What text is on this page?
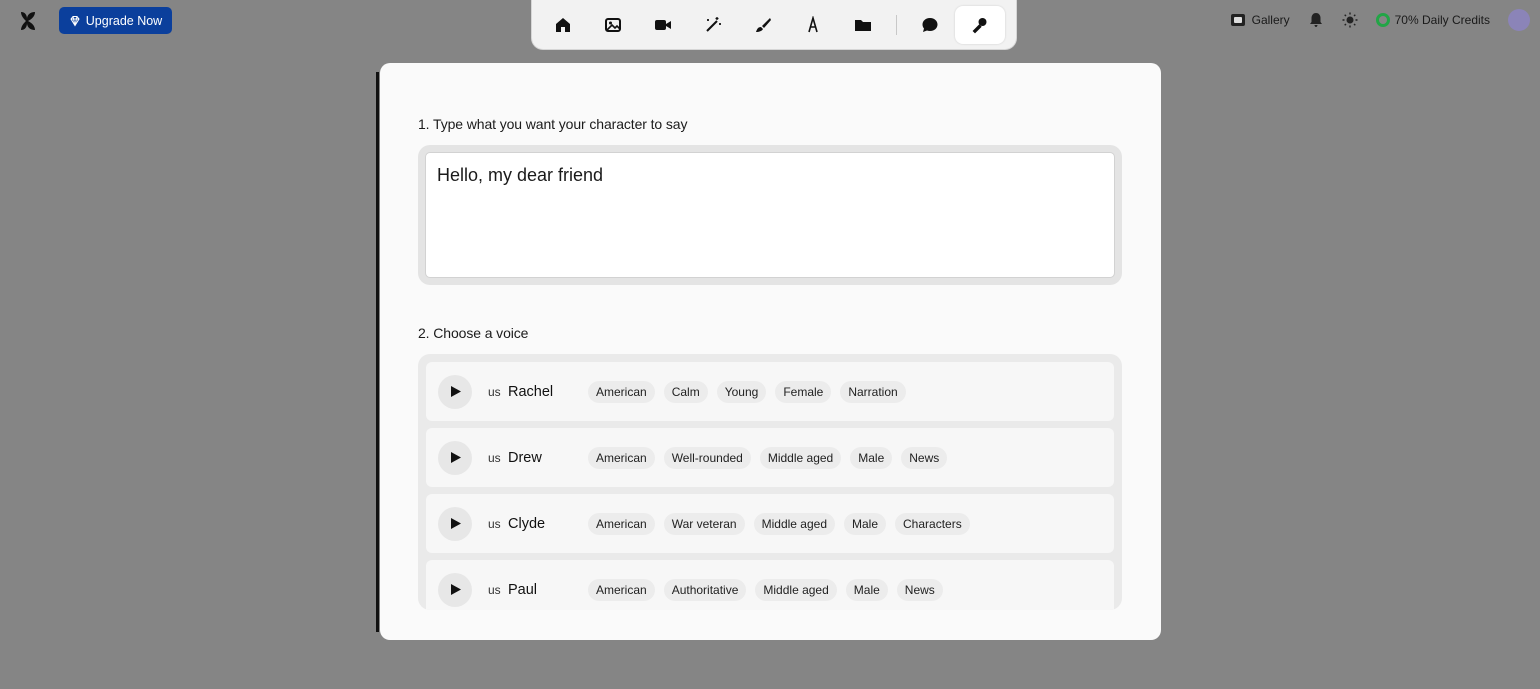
Upgrade Now	Gallery	70% Daily Credits
1. Type what you want your character to say
Hello, my dear friend
2. Choose a voice
us Rachel	American	Calm	Young	Female	Narration
us Drew	American	Well-rounded	Middle aged	Male	News
us Clyde	American	War veteran	Middle aged	Male	Characters
us Paul	American	Authoritative	Middle aged	Male	News
